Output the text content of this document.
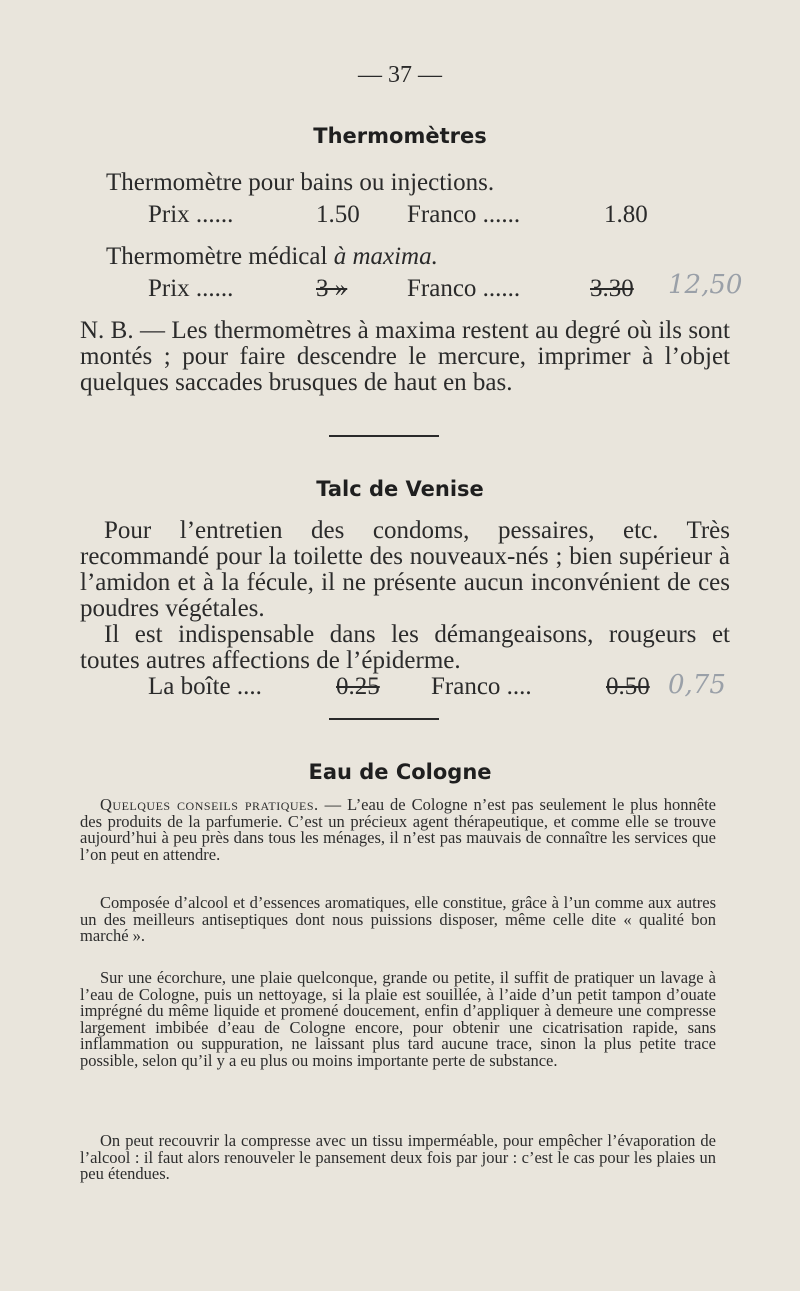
— 37 —
Thermomètres
Thermomètre pour bains ou injections.
Prix ......	1.50 Franco ......	1.80
Thermomètre médical à maxima.
Prix ......	3 » Franco ......	3.30 12,50
N. B. — Les thermomètres à maxima restent au degré où ils sont montés ; pour faire descendre le mercure, imprimer à l’objet quelques saccades brusques de haut en bas.
Talc de Venise
Pour l’entretien des condoms, pessaires, etc. Très recommandé pour la toilette des nouveaux-nés ; bien supérieur à l’amidon et à la fécule, il ne présente aucun inconvénient de ces poudres végétales.
Il est indispensable dans les démangeaisons, rougeurs et toutes autres affections de l’épiderme.
La boîte ....	0.25 Franco ....	0.50 0,75
Eau de Cologne
Quelques conseils pratiques. — L’eau de Cologne n’est pas seulement le plus honnête des produits de la parfumerie. C’est un précieux agent thérapeutique, et comme elle se trouve aujourd’hui à peu près dans tous les ménages, il n’est pas mauvais de connaître les services que l’on peut en attendre.
Composée d’alcool et d’essences aromatiques, elle constitue, grâce à l’un comme aux autres un des meilleurs antiseptiques dont nous puissions disposer, même celle dite « qualité bon marché ».
Sur une écorchure, une plaie quelconque, grande ou petite, il suffit de pratiquer un lavage à l’eau de Cologne, puis un nettoyage, si la plaie est souillée, à l’aide d’un petit tampon d’ouate imprégné du même liquide et promené doucement, enfin d’appliquer à demeure une compresse largement imbibée d’eau de Cologne encore, pour obtenir une cicatrisation rapide, sans inflammation ou suppuration, ne laissant plus tard aucune trace, sinon la plus petite trace possible, selon qu’il y a eu plus ou moins importante perte de substance.
On peut recouvrir la compresse avec un tissu imperméable, pour empêcher l’évaporation de l’alcool : il faut alors renouveler le pansement deux fois par jour : c’est le cas pour les plaies un peu étendues.
